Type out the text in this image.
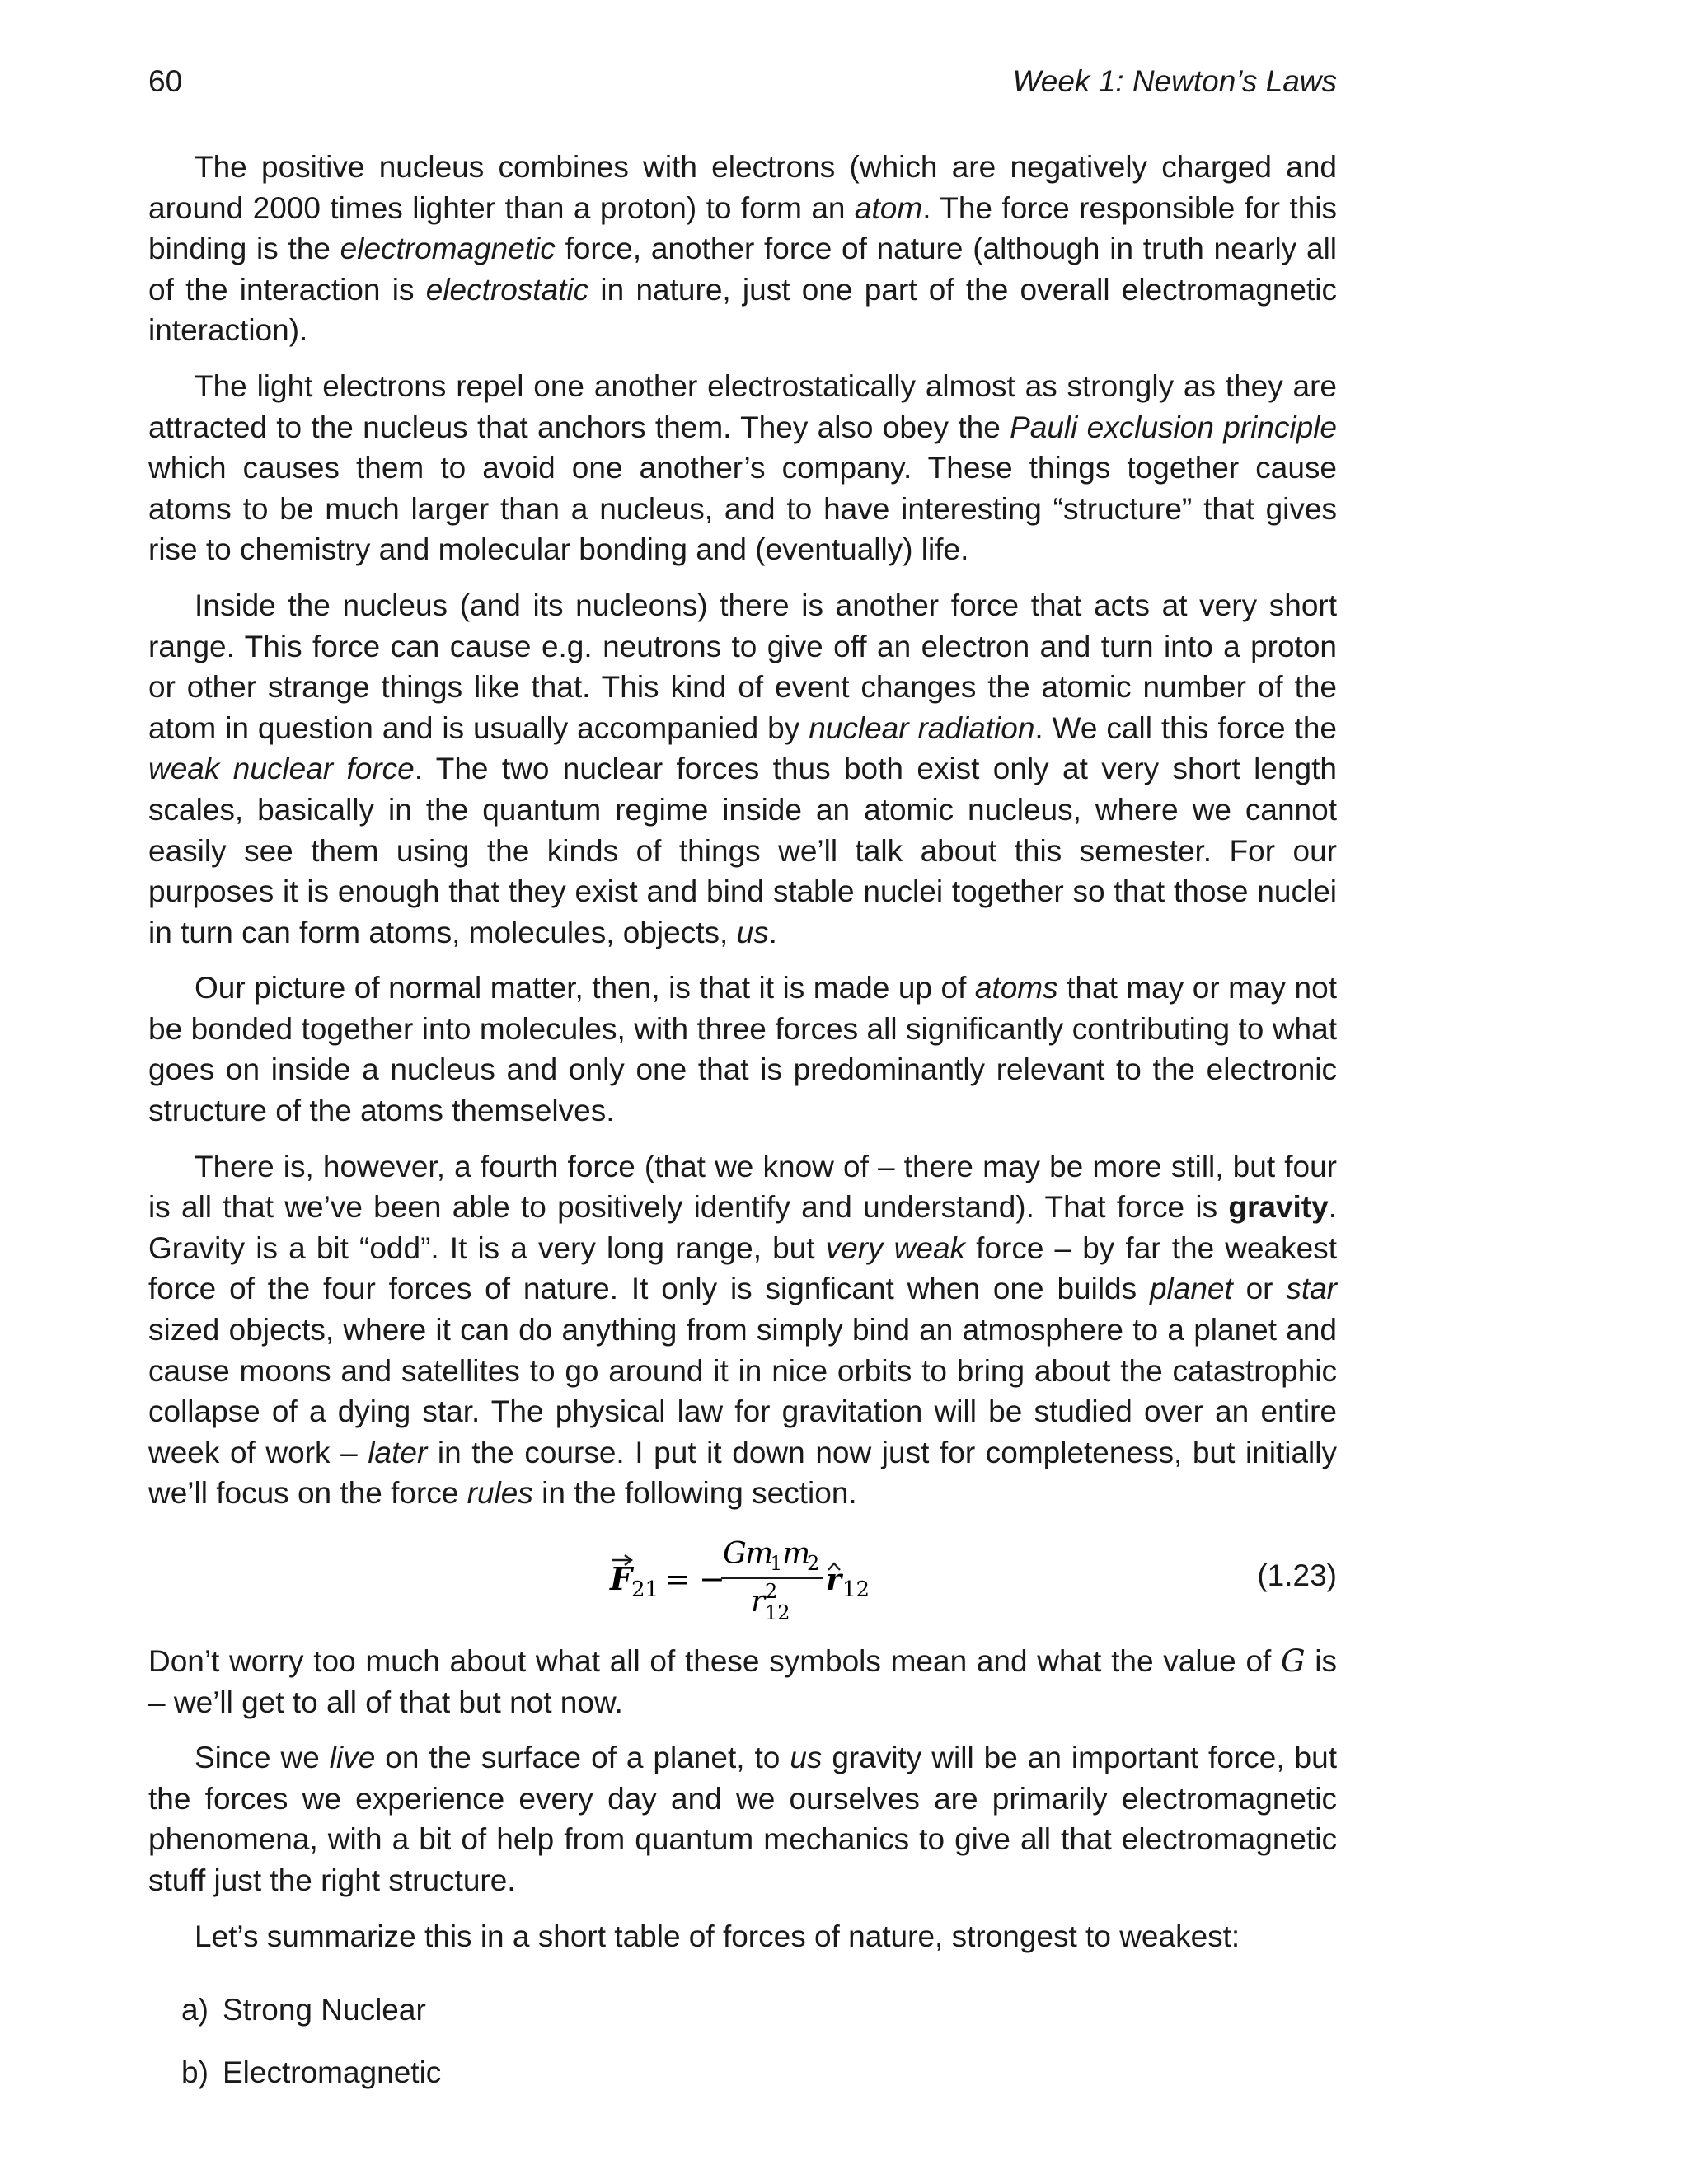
60	Week 1: Newton’s Laws

The positive nucleus combines with electrons (which are negatively charged and around 2000 times lighter than a proton) to form an atom. The force responsible for this binding is the electromagnetic force, another force of nature (although in truth nearly all of the interaction is electrostatic in nature, just one part of the overall electromagnetic interaction).

The light electrons repel one another electrostatically almost as strongly as they are attracted to the nucleus that anchors them. They also obey the Pauli exclusion principle which causes them to avoid one another’s company. These things together cause atoms to be much larger than a nucleus, and to have interesting “structure” that gives rise to chemistry and molecular bonding and (eventually) life.

Inside the nucleus (and its nucleons) there is another force that acts at very short range. This force can cause e.g. neutrons to give off an electron and turn into a proton or other strange things like that. This kind of event changes the atomic number of the atom in question and is usually accompanied by nuclear radiation. We call this force the weak nuclear force. The two nuclear forces thus both exist only at very short length scales, basically in the quantum regime inside an atomic nucleus, where we cannot easily see them using the kinds of things we’ll talk about this semester. For our purposes it is enough that they exist and bind stable nuclei together so that those nuclei in turn can form atoms, molecules, objects, us.

Our picture of normal matter, then, is that it is made up of atoms that may or may not be bonded together into molecules, with three forces all significantly contributing to what goes on inside a nucleus and only one that is predominantly relevant to the electronic structure of the atoms themselves.

There is, however, a fourth force (that we know of – there may be more still, but four is all that we’ve been able to positively identify and understand). That force is gravity. Gravity is a bit “odd”. It is a very long range, but very weak force – by far the weakest force of the four forces of nature. It only is signficant when one builds planet or star sized objects, where it can do anything from simply bind an atmosphere to a planet and cause moons and satellites to go around it in nice orbits to bring about the catastrophic collapse of a dying star. The physical law for gravitation will be studied over an entire week of work – later in the course. I put it down now just for completeness, but initially we’ll focus on the force rules in the following section.

F 21 = −
G
m
1 m
2
r 2
12
r 12	(1.23)

Don’t worry too much about what all of these symbols mean and what the value of G is – we’ll get to all of that but not now.

Since we live on the surface of a planet, to us gravity will be an important force, but the forces we experience every day and we ourselves are primarily electromagnetic phenomena, with a bit of help from quantum mechanics to give all that electromagnetic stuff just the right structure.

Let’s summarize this in a short table of forces of nature, strongest to weakest:

a) Strong Nuclear
b) Electromagnetic
